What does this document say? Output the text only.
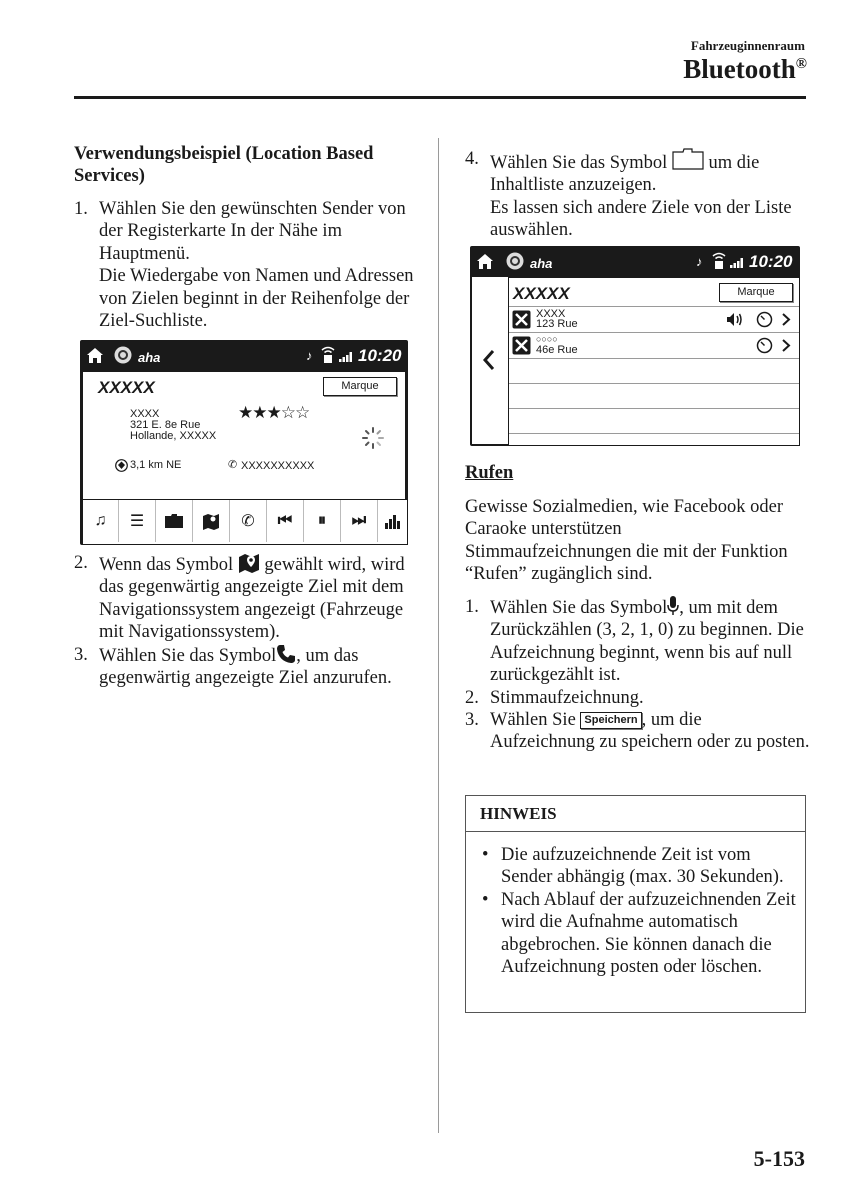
Fahrzeuginnenraum
Bluetooth®
Verwendungsbeispiel (Location Based Services)
1. Wählen Sie den gewünschten Sender von der Registerkarte In der Nähe im Hauptmenü.
Die Wiedergabe von Namen und Adressen von Zielen beginnt in der Reihenfolge der Ziel-Suchliste.
aha	♪	10:20
XXXXX	Marque
XXXX
321 E. 8e Rue
Hollande, XXXXX
★★★☆☆
3,1 km NE	✆ XXXXXXXXXX
♫	☰	✆	⏮	⏸	⏭
2. Wenn das Symbol gewählt wird, wird das gegenwärtig angezeigte Ziel mit dem Navigationssystem angezeigt (Fahrzeuge mit Navigationssystem).
3. Wählen Sie das Symbol , um das gegenwärtig angezeigte Ziel anzurufen.
4. Wählen Sie das Symbol um die Inhaltliste anzuzeigen.
Es lassen sich andere Ziele von der Liste auswählen.
aha	♪	10:20
XXXXX	Marque
XXXX
123 Rue
○○○○
46e Rue
Rufen
Gewisse Sozialmedien, wie Facebook oder Caraoke unterstützen Stimmaufzeichnungen die mit der Funktion “Rufen” zugänglich sind.
1. Wählen Sie das Symbol , um mit dem Zurückzählen (3, 2, 1, 0) zu beginnen. Die Aufzeichnung beginnt, wenn bis auf null zurückgezählt ist.
2. Stimmaufzeichnung.
3. Wählen Sie Speichern , um die Aufzeichnung zu speichern oder zu posten.
HINWEIS
• Die aufzuzeichnende Zeit ist vom Sender abhängig (max. 30 Sekunden).
• Nach Ablauf der aufzuzeichnenden Zeit wird die Aufnahme automatisch abgebrochen. Sie können danach die Aufzeichnung posten oder löschen.
5-153
